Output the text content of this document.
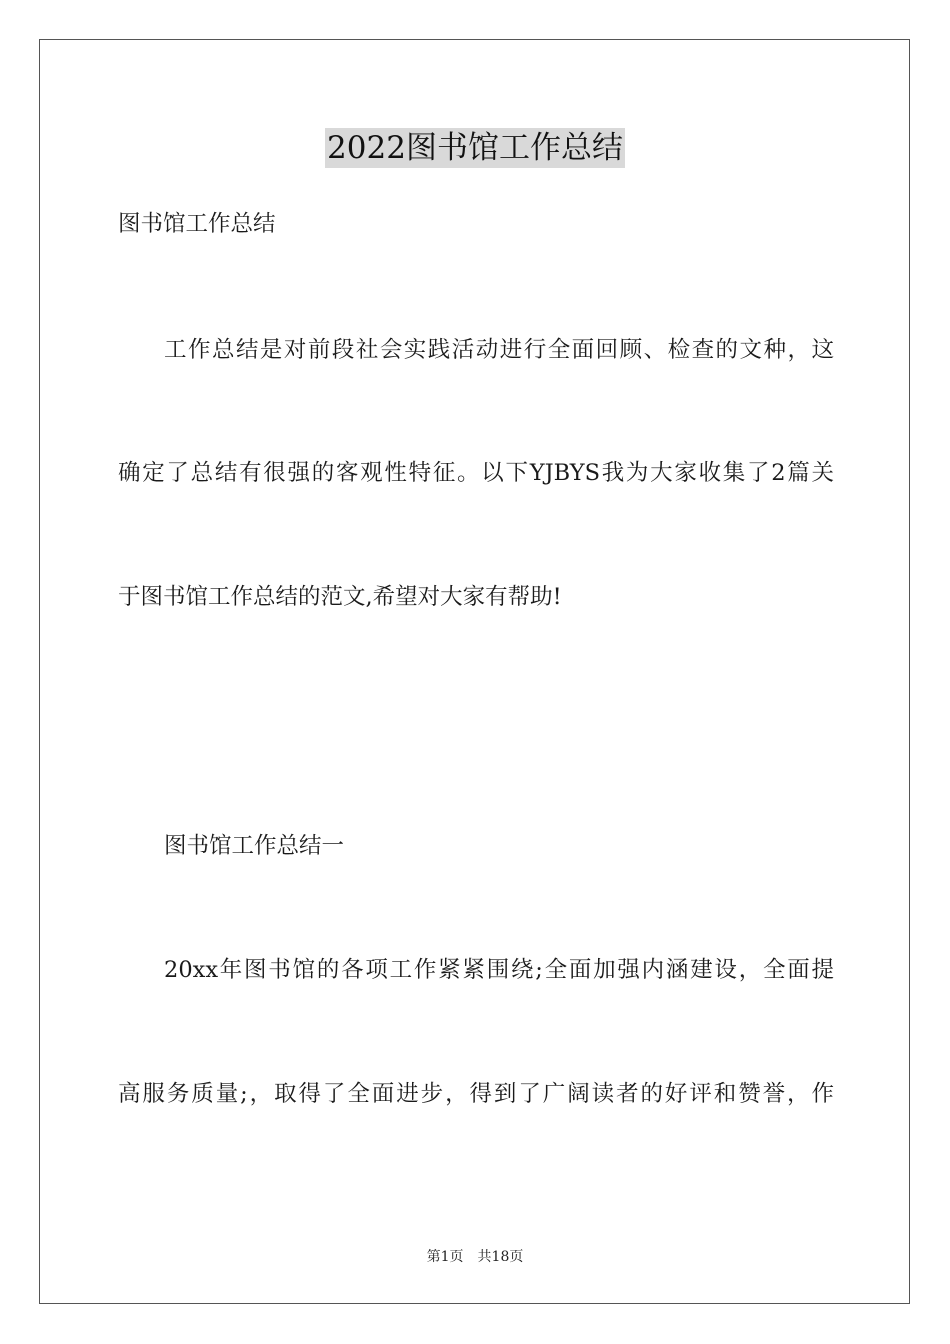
2022图书馆工作总结
图书馆工作总结
工作总结是对前段社会实践活动进行全面回顾、检查的文种，这
确定了总结有很强的客观性特征。以下YJBYS我为大家收集了2篇关
于图书馆工作总结的范文,希望对大家有帮助!
图书馆工作总结一
20xx年图书馆的各项工作紧紧围绕;全面加强内涵建设，全面提
高服务质量;，取得了全面进步，得到了广阔读者的好评和赞誉，作
第1页 共18页
